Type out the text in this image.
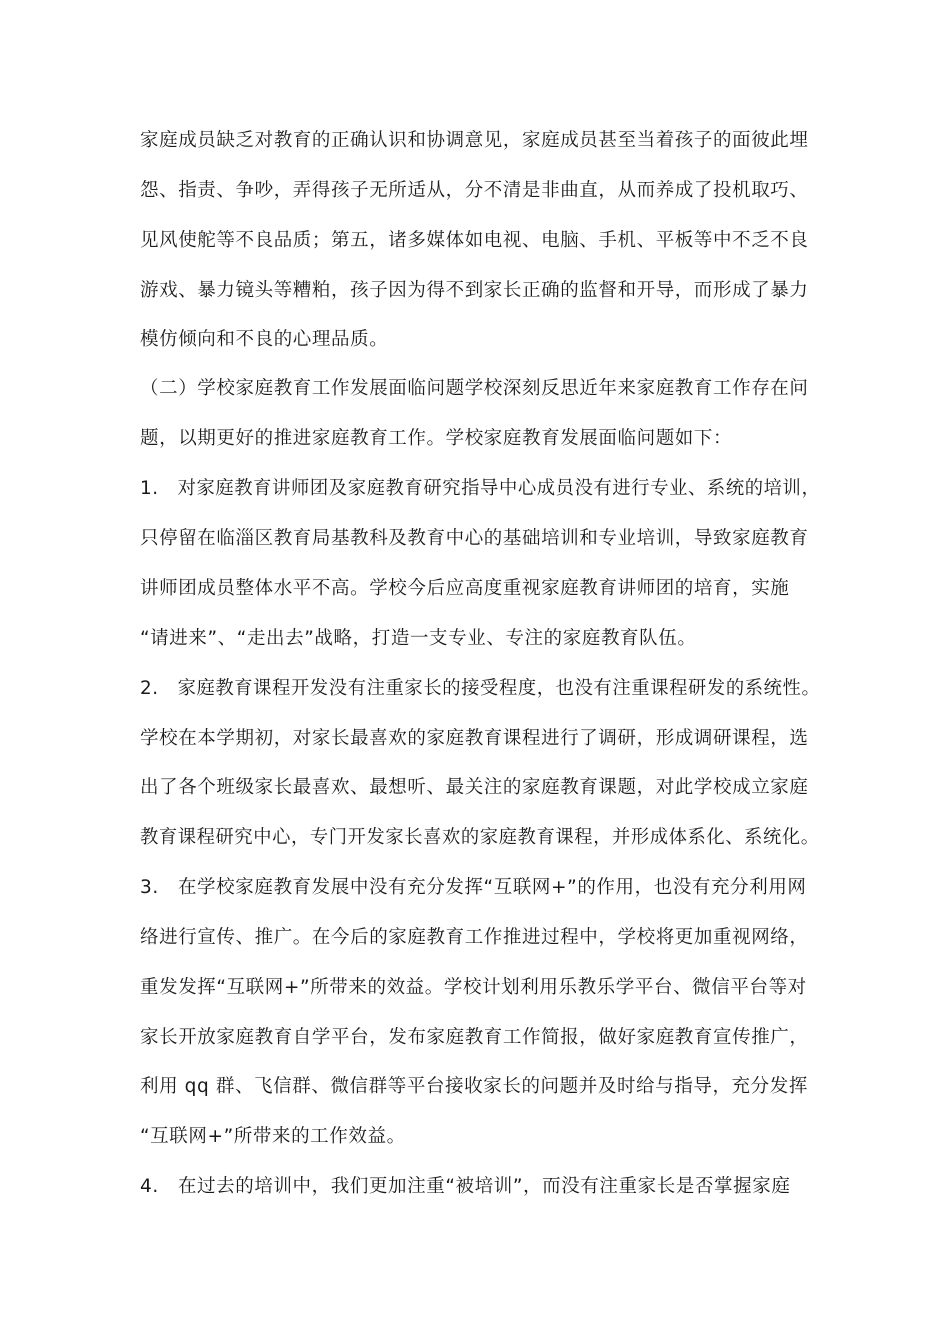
家庭成员缺乏对教育的正确认识和协调意见，家庭成员甚至当着孩子的面彼此埋
怨、指责、争吵，弄得孩子无所适从，分不清是非曲直，从而养成了投机取巧、
见风使舵等不良品质；第五，诸多媒体如电视、电脑、手机、平板等中不乏不良
游戏、暴力镜头等糟粕，孩子因为得不到家长正确的监督和开导，而形成了暴力
模仿倾向和不良的心理品质。
（二）学校家庭教育工作发展面临问题学校深刻反思近年来家庭教育工作存在问
题，以期更好的推进家庭教育工作。学校家庭教育发展面临问题如下：
1.　对家庭教育讲师团及家庭教育研究指导中心成员没有进行专业、系统的培训，
只停留在临淄区教育局基教科及教育中心的基础培训和专业培训，导致家庭教育
讲师团成员整体水平不高。学校今后应高度重视家庭教育讲师团的培育，实施
“请进来”、“走出去”战略，打造一支专业、专注的家庭教育队伍。
2.　家庭教育课程开发没有注重家长的接受程度，也没有注重课程研发的系统性。
学校在本学期初，对家长最喜欢的家庭教育课程进行了调研，形成调研课程，选
出了各个班级家长最喜欢、最想听、最关注的家庭教育课题，对此学校成立家庭
教育课程研究中心，专门开发家长喜欢的家庭教育课程，并形成体系化、系统化。
3.　在学校家庭教育发展中没有充分发挥“互联网+”的作用，也没有充分利用网
络进行宣传、推广。在今后的家庭教育工作推进过程中，学校将更加重视网络，
重发发挥“互联网+”所带来的效益。学校计划利用乐教乐学平台、微信平台等对
家长开放家庭教育自学平台，发布家庭教育工作简报，做好家庭教育宣传推广，
利用 qq 群、飞信群、微信群等平台接收家长的问题并及时给与指导，充分发挥
“互联网+”所带来的工作效益。
4.　在过去的培训中，我们更加注重“被培训”，而没有注重家长是否掌握家庭
